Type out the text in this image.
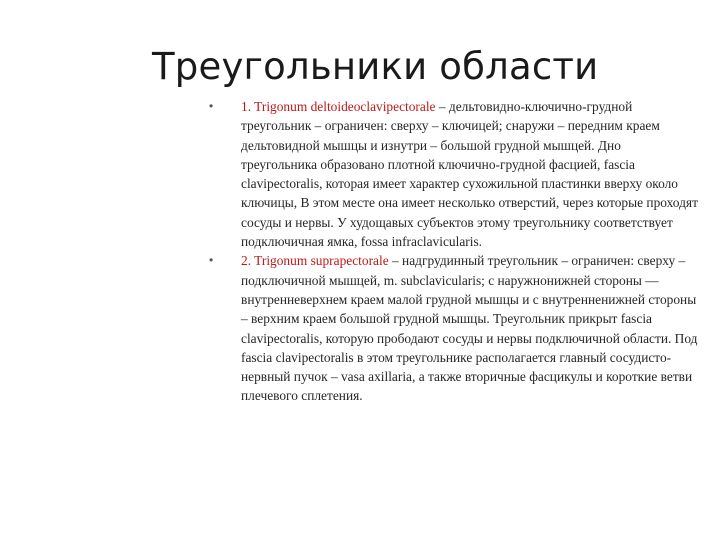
Треугольники области
• 1. Trigonum deltoideoclavipectorale – дельтовидно-ключично-грудной треугольник – ограничен: сверху – ключицей; снаружи – передним краем дельтовидной мышцы и изнутри – большой грудной мышцей. Дно треугольника образовано плотной ключично-грудной фасцией, fascia clavipectoralis, которая имеет характер сухожильной пластинки вверху около ключицы, В этом месте она имеет несколько отверстий, через которые проходят сосуды и нервы. У худощавых субъектов этому треугольнику соответствует подключичная ямка, fossa infraclavicularis.
• 2. Trigonum suprapectorale – надгрудинный треугольник – ограничен: сверху – подключичной мышцей, m. subclavicularis; с наружнонижней стороны — внутренневерхнем краем малой грудной мышцы и с внутренненижней стороны – верхним краем большой грудной мышцы. Треугольник прикрыт fascia clavipectoralis, которую прободают сосуды и нервы подключичной области. Под fascia clavipectoralis в этом треугольнике располагается главный сосудисто-нервный пучок – vasa axillaria, а также вторичные фасцикулы и короткие ветви плечевого сплетения.
